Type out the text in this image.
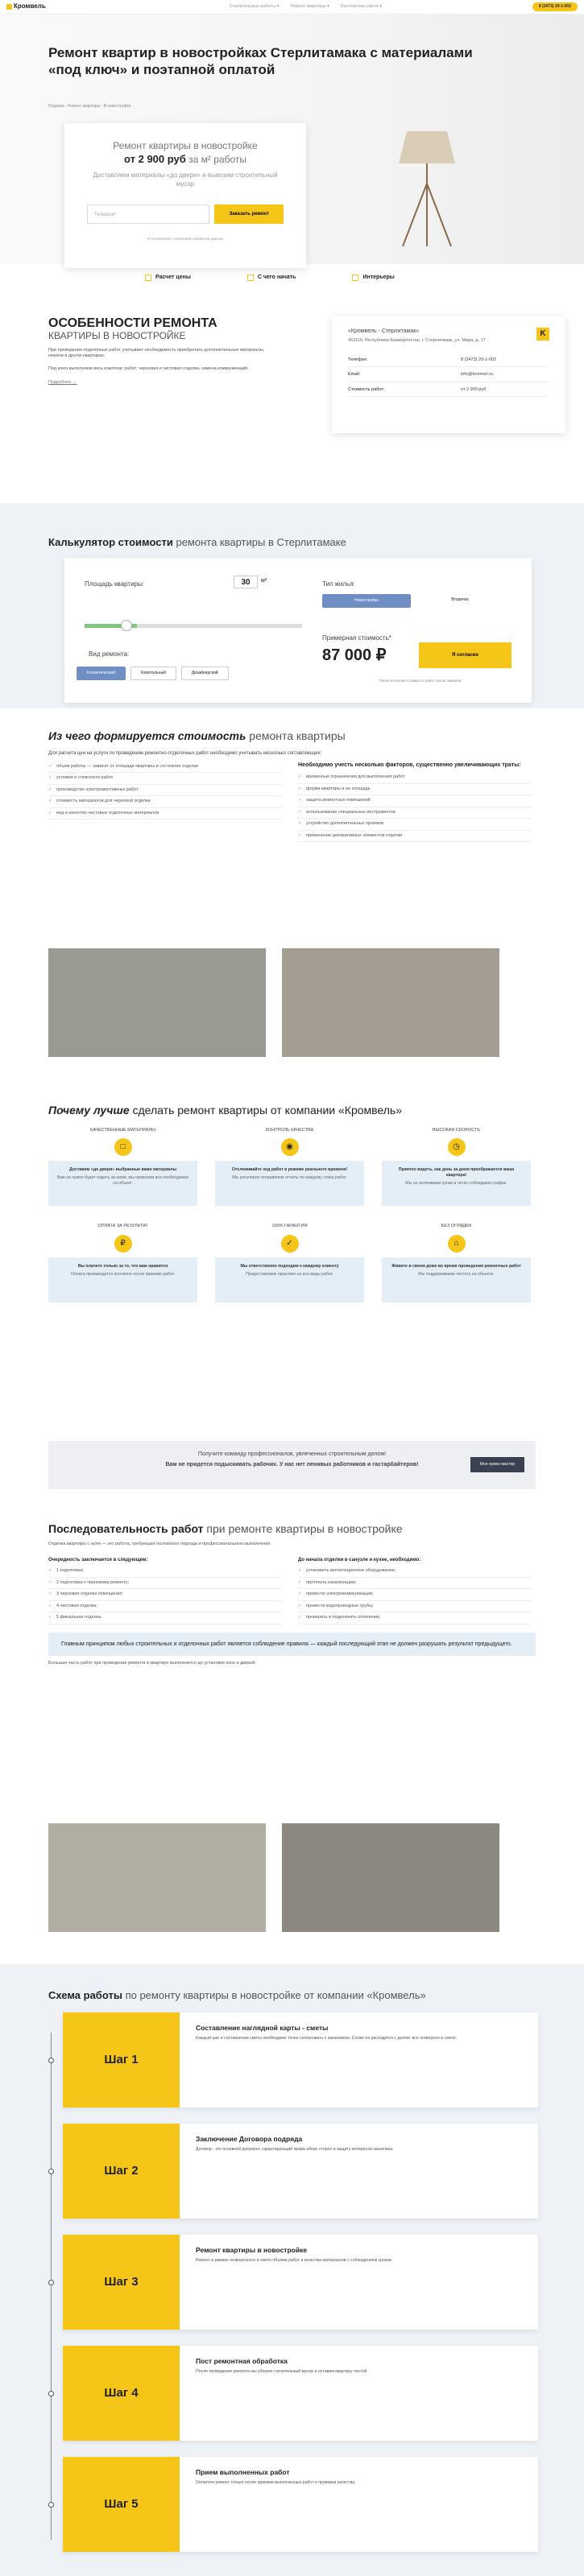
Кромвель	Строительные работы ▾	Ремонт квартиры ▾	Бесплатная смета ▾	8 (3473) 20-1-002
Ремонт квартир в новостройках Стерлитамака с материалами «под ключ» и поэтапной оплатой
Отделка › Ремонт квартиры › В новостройке
Ремонт квартиры в новостройке
от 2 900 руб за м² работы
Доставляем материалы «до двери» и вывозим строительный мусор
Телефон*	Заказать ремонт
Я согласен(а) с политикой обработки данных
Расчет цены	С чего начать	Интерьеры
ОСОБЕННОСТИ РЕМОНТА
КВАРТИРЫ В НОВОСТРОЙКЕ

При проведении отделочных работ учитывает необходимость приобретать дополнительные материалы, нежели в других квартирах.

Под ключ выполняем весь комплекс работ: черновая и чистовая отделка, замена коммуникаций.

Подробнее →
«Кромвель - Стерлитамак»	K
453116, Республика Башкортостан, г. Стерлитамак, ул. Мира, д. 17
Телефон:	8 (3473) 20-1-002
Email:	info@kromvel.ru
Стоимость работ:	от 2 900 руб
Калькулятор стоимости ремонта квартиры в Стерлитамаке
Площадь квартиры:	30	м²
Вид ремонта:
Косметический	Капитальный	Дизайнерский
Тип жилья:
Новостройка	Вторичка
Примерная стоимость*
87 000 ₽	Я согласен
*Окончательная стоимость работ после замеров
Из чего формируется стоимость ремонта квартиры
Для расчета цен на услуги по проведению ремонтно-отделочных работ необходимо учитывать несколько составляющих:
✓ объем работы — зависит от площади квартиры и состояния отделки
✓ условия и сложности работ
✓ производство электромонтажных работ
✓ стоимость материалов для черновой отделки
✓ вид и качество чистовых отделочных материалов
Необходимо учесть несколько факторов, существенно увеличивающих траты:
✓ временные ограничения для выполнения работ
✓ форма квартиры и ее площадь
✓ защита ремонтных помещений
✓ использование специальных инструментов
✓ устройство дополнительных проёмов
✓ применение декоративных элементов отделки
Почему лучше сделать ремонт квартиры от компании «Кромвель»
КАЧЕСТВЕННЫЕ МАТЕРИАЛЫ
□
Доставим «до двери» выбранные вами материалы
Вам не нужно будет ездить за ними, мы привозим все необходимое на объект.
КОНТРОЛЬ КАЧЕСТВА
◉
Отслеживайте ход работ в режиме реального времени!
Мы регулярно отправляем отчеты по каждому этапу работ.
ВЫСОКАЯ СКОРОСТЬ
◷
Приятно видеть, как день за днем преображается ваша квартира!
Мы не затягиваем сроки и четко соблюдаем график.
ОПЛАТА ЗА РЕЗУЛЬТАТ
₽
Вы платите только за то, что вам нравится
Оплата производится поэтапно после приемки работ.
100% ГАРАНТИЯ
✓
Мы ответственно подходим к каждому клиенту
Предоставляем гарантию на все виды работ.
БЕЗ ОГЛЯДКИ
⌂
Живите в своем доме во время проведения ремонтных работ
Мы поддерживаем чистоту на объекте.
Получите команду профессионалов, увлеченных строительным делом!
Вам не придется подыскивать рабочих. У нас нет ленивых работников и гастарбайтеров!	Мне нужен мастер
Последовательность работ при ремонте квартиры в новостройке

Отделка квартиры с нуля — это работа, требующая поэтапного подхода и профессионального выполнения.

Очередность заключается в следующем:
✓ 1 подготовка;
✓ 2 подготовка к черновому ремонту;
✓ 3 черновая отделка помещения;
✓ 4 чистовая отделка;
✓ 5 финальная отделка.
До начала отделки в санузле и кухне, необходимо:
✓ установить вентиляционное оборудование;
✓ протянуть канализацию;
✓ провести электрокоммуникации;
✓ провести водопроводные трубы;
✓ проверить и подключить отопление.
Главным принципом любых строительных и отделочных работ является соблюдение правила — каждый последующий этап не должен разрушать результат предыдущего.

Большая часть работ при проведении ремонта в квартире выполняется до установки окон и дверей.

Схема работы по ремонту квартиры в новостройке от компании «Кромвель»
Шаг 1
Составление наглядной карты - сметы

Каждый шаг в составлении сметы необходимо точно согласовать с заказчиком. Слово не расходится с делом: все оговорено в смете.

Шаг 2
Заключение Договора подряда

Договор - это основной документ, гарантирующий права обеих сторон и защиту интересов заказчика.

Шаг 3
Ремонт квартиры в новостройке

Ремонт в рамках оговоренного в смете объема работ и качества материалов с соблюдением сроков.

Шаг 4
Пост ремонтная обработка

После проведения ремонта мы уберем строительный мусор и оставим квартиру чистой.

Шаг 5
Прием выполненных работ

Оплатите ремонт только после приемки выполненных работ и проверки качества.
